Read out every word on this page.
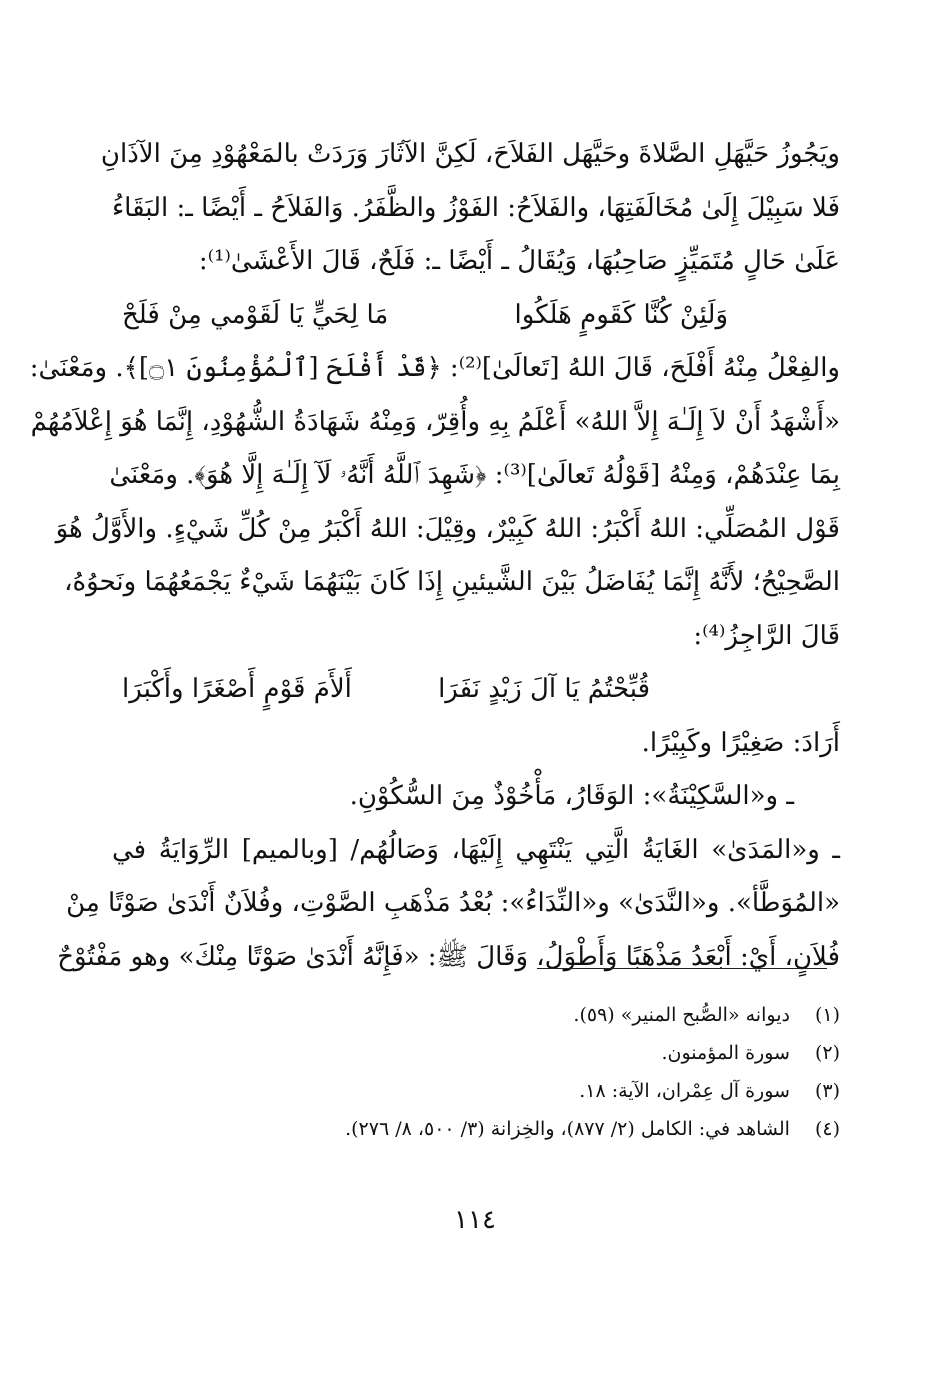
ويَجُوزُ حَيَّهَلِ الصَّلاةَ وحَيَّهَل الفَلاَحَ، لَكِنَّ الآثَارَ وَرَدَتْ بالمَعْهُوْدِ مِنَ الآذَانِ
فَلا سَبِيْلَ إِلَىٰ مُخَالَفَتِهَا، والفَلاَحُ: الفَوْزُ والظَّفَرُ. وَالفَلاَحُ ـ أَيْضًا ـ: البَقَاءُ
عَلَىٰ حَالٍ مُتَمَيِّزٍ صَاحِبُهَا، وَيُقَالُ ـ أَيْضًا ـ: فَلَحٌ، قَالَ الأَعْشَىٰ⁽¹⁾:
وَلَئِنْ كُنَّا كَقَومٍ هَلَكُوا
مَا لِحَيٍّ يَا لَقَوْمي مِنْ فَلَحْ
والفِعْلُ مِنْهُ أَفْلَحَ، قَالَ اللهُ [تَعالَىٰ]⁽²⁾: ﴿قَدْ أَفْلَحَ [ٱلْمُؤْمِنُونَ ۝١]﴾. ومَعْنَىٰ:
«أَشْهَدُ أَنْ لاَ إِلَـٰهَ إِلاَّ اللهُ» أَعْلَمُ بِهِ وأُقِرّ، وَمِنْهُ شَهَادَةُ الشُّهُوْدِ، إِنَّمَا هُوَ إِعْلاَمُهُمْ
بِمَا عِنْدَهُمْ، وَمِنْهُ [قَوْلُهُ تَعالَىٰ]⁽³⁾: ﴿شَهِدَ ٱللَّهُ أَنَّهُۥ لَآ إِلَـٰهَ إِلَّا هُوَ﴾. ومَعْنَىٰ
قَوْل المُصَلِّي: اللهُ أَكْبَرُ: اللهُ كَبِيْرٌ، وقِيْلَ: اللهُ أَكْبَرُ مِنْ كُلِّ شَيْءٍ. والأَوَّلُ هُوَ
الصَّحِيْحُ؛ لأَنَّهُ إِنَّمَا يُفَاضَلُ بَيْنَ الشَّيئينِ إِذَا كَانَ بَيْنَهُمَا شَيْءٌ يَجْمَعُهُمَا ونَحوُهُ،
قَالَ الرَّاجِزُ⁽⁴⁾:
قُبِّحْتُمُ يَا آلَ زَيْدٍ نَفَرَا
أَلأَمَ قَوْمٍ أَصْغَرًا وأَكْبَرَا
أَرَادَ: صَغِيْرًا وكَبِيْرًا.
ـ و«السَّكِيْنَةُ»: الوَقَارُ، مَأْخُوْذٌ مِنَ السُّكُوْنِ.
ـ و«المَدَىٰ» الغَايَةُ الَّتِي يَنْتَهِي إِلَيْهَا، وَصَالُهُم/ [وبالميم] الرِّوَايَةُ في
«المُوَطَّأ». و«النَّدَىٰ» و«النِّدَاءُ»: بُعْدُ مَذْهَبِ الصَّوْتِ، وفُلاَنٌ أَنْدَىٰ صَوْتًا مِنْ
فُلاَنٍ، أَيْ: أَبْعَدُ مَذْهَبًا وَأَطْوَلُ، وَقَالَ ﷺ: «فَإِنَّهُ أَنْدَىٰ صَوْتًا مِنْكَ» وهو مَفْتُوْحٌ
(١) ديوانه «الصُّبح المنير» (٥٩).
(٢) سورة المؤمنون.
(٣) سورة آل عِمْران، الآية: ١٨.
(٤) الشاهد في: الكامل (٢/ ٨٧٧)، والخِزانة (٣/ ٥٠٠، ٨/ ٢٧٦).
١١٤
